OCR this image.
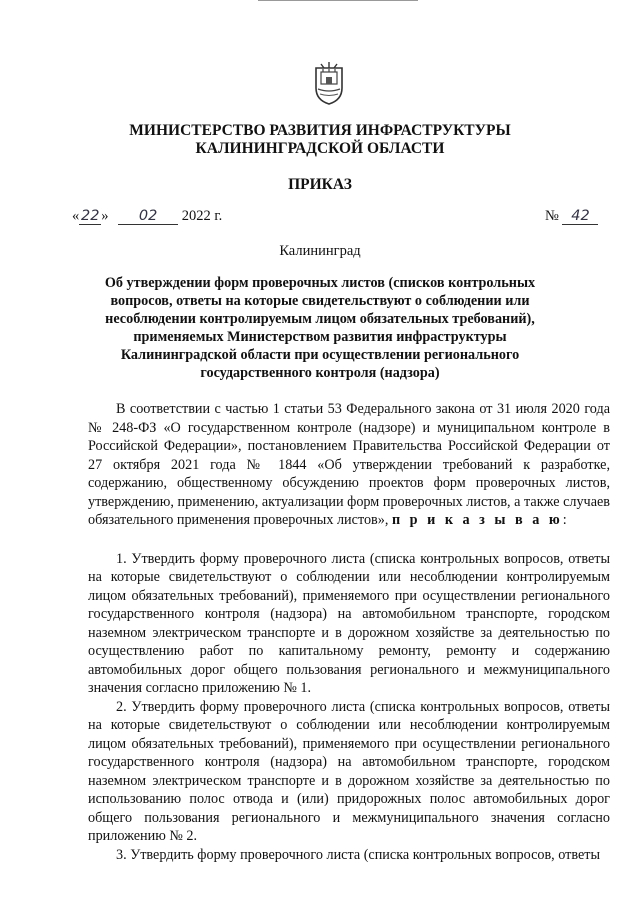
МИНИСТЕРСТВО РАЗВИТИЯ ИНФРАСТРУКТУРЫ
КАЛИНИНГРАДСКОЙ ОБЛАСТИ
ПРИКАЗ
« 22 » 02 2022 г.	№ 42
Калининград
Об утверждении форм проверочных листов (списков контрольных
вопросов, ответы на которые свидетельствуют о соблюдении или
несоблюдении контролируемым лицом обязательных требований),
применяемых Министерством развития инфраструктуры
Калининградской области при осуществлении регионального
государственного контроля (надзора)

В соответствии с частью 1 статьи 53 Федерального закона от 31 июля 2020 года № 248-ФЗ «О государственном контроле (надзоре) и муниципальном контроле в Российской Федерации», постановлением Правительства Российской Федерации от 27 октября 2021 года № 1844 «Об утверждении требований к разработке, содержанию, общественному обсуждению проектов форм проверочных листов, утверждению, применению, актуализации форм проверочных листов, а также случаев обязательного применения проверочных листов», п р и к а з ы в а ю:

1. Утвердить форму проверочного листа (списка контрольных вопросов, ответы на которые свидетельствуют о соблюдении или несоблюдении контролируемым лицом обязательных требований), применяемого при осуществлении регионального государственного контроля (надзора) на автомобильном транспорте, городском наземном электрическом транспорте и в дорожном хозяйстве за деятельностью по осуществлению работ по капитальному ремонту, ремонту и содержанию автомобильных дорог общего пользования регионального и межмуниципального значения согласно приложению № 1.

2. Утвердить форму проверочного листа (списка контрольных вопросов, ответы на которые свидетельствуют о соблюдении или несоблюдении контролируемым лицом обязательных требований), применяемого при осуществлении регионального государственного контроля (надзора) на автомобильном транспорте, городском наземном электрическом транспорте и в дорожном хозяйстве за деятельностью по использованию полос отвода и (или) придорожных полос автомобильных дорог общего пользования регионального и межмуниципального значения согласно приложению № 2.

3. Утвердить форму проверочного листа (списка контрольных вопросов, ответы
